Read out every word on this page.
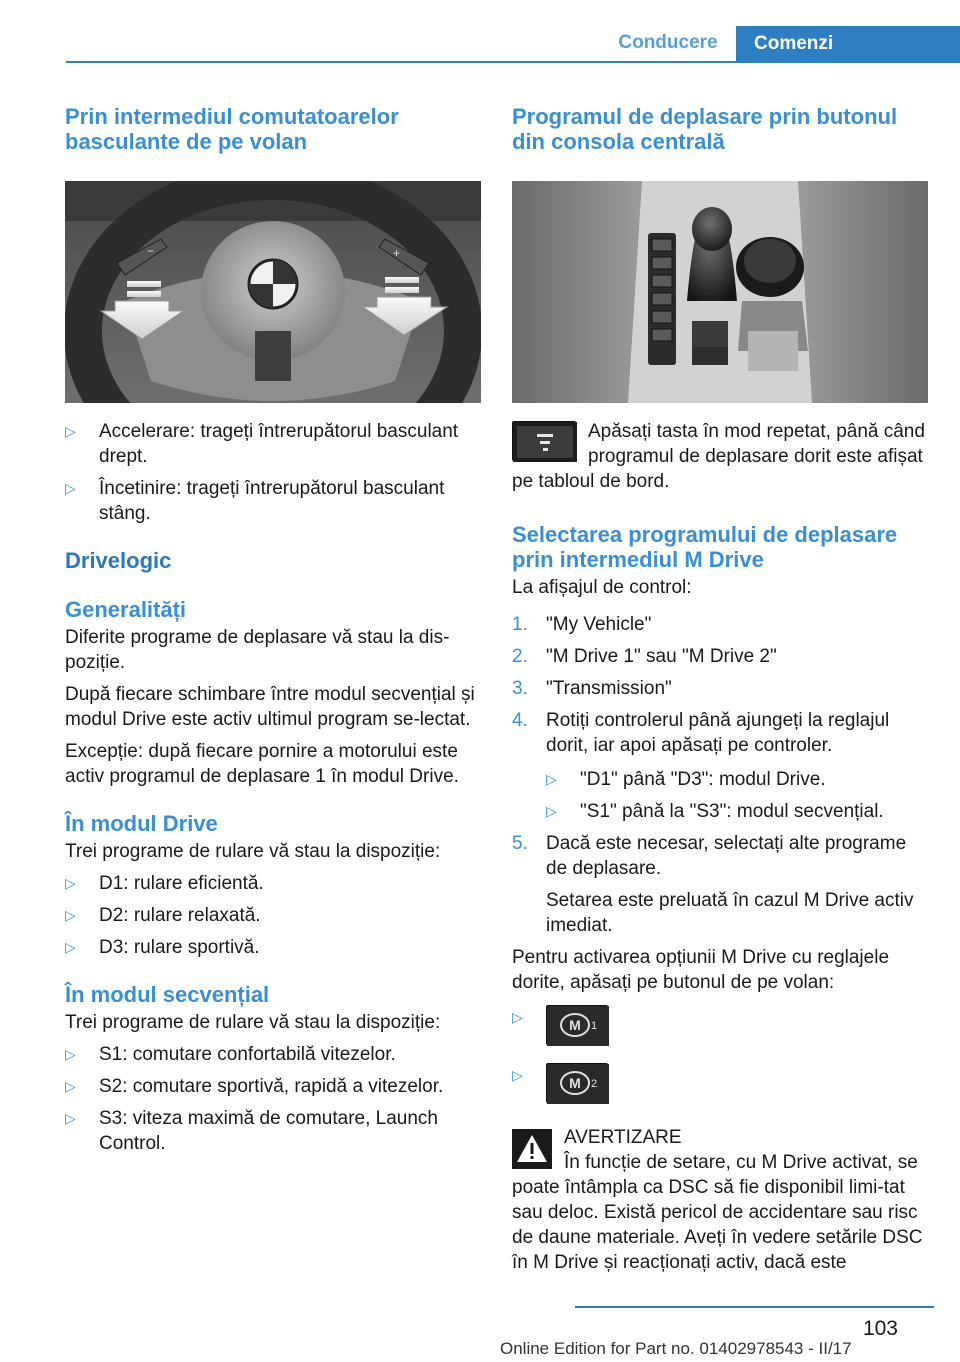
Conducere	Comenzi
Prin intermediul comutatoarelor basculante de pe volan
−	+
▷ Accelerare: trageți întrerupătorul basculant drept.
▷ Încetinire: trageți întrerupătorul basculant stâng.
Drivelogic
Generalități

Diferite programe de deplasare vă stau la dis‐poziție.

După fiecare schimbare între modul secvențial și modul Drive este activ ultimul program se‐lectat.

Excepție: după fiecare pornire a motorului este activ programul de deplasare 1 în modul Drive.

În modul Drive

Trei programe de rulare vă stau la dispoziție:

▷ D1: rulare eficientă.
▷ D2: rulare relaxată.
▷ D3: rulare sportivă.
În modul secvențial

Trei programe de rulare vă stau la dispoziție:

▷ S1: comutare confortabilă vitezelor.
▷ S2: comutare sportivă, rapidă a vitezelor.
▷ S3: viteza maximă de comutare, Launch Control.
Programul de deplasare prin butonul din consola centrală

Apăsați tasta în mod repetat, până când programul de deplasare dorit este afișat pe tabloul de bord.

Selectarea programului de deplasare prin intermediul M Drive

La afișajul de control:

1. "My Vehicle"
2. "M Drive 1" sau "M Drive 2"
3. "Transmission"
4. Rotiți controlerul până ajungeți la reglajul dorit, iar apoi apăsați pe controler.
▷ "D1" până "D3": modul Drive.
▷ "S1" până la "S3": modul secvențial.
5. Dacă este necesar, selectați alte programe de deplasare.

Setarea este preluată în cazul M Drive activ imediat.

Pentru activarea opțiunii M Drive cu reglajele dorite, apăsați pe butonul de pe volan:

▷	M 1
▷	M 2

AVERTIZARE

În funcție de setare, cu M Drive activat, se poate întâmpla ca DSC să fie disponibil limi‐tat sau deloc. Există pericol de accidentare sau risc de daune materiale. Aveți în vedere setările DSC în M Drive și reacționați activ, dacă este

103
Online Edition for Part no. 01402978543 - II/17
